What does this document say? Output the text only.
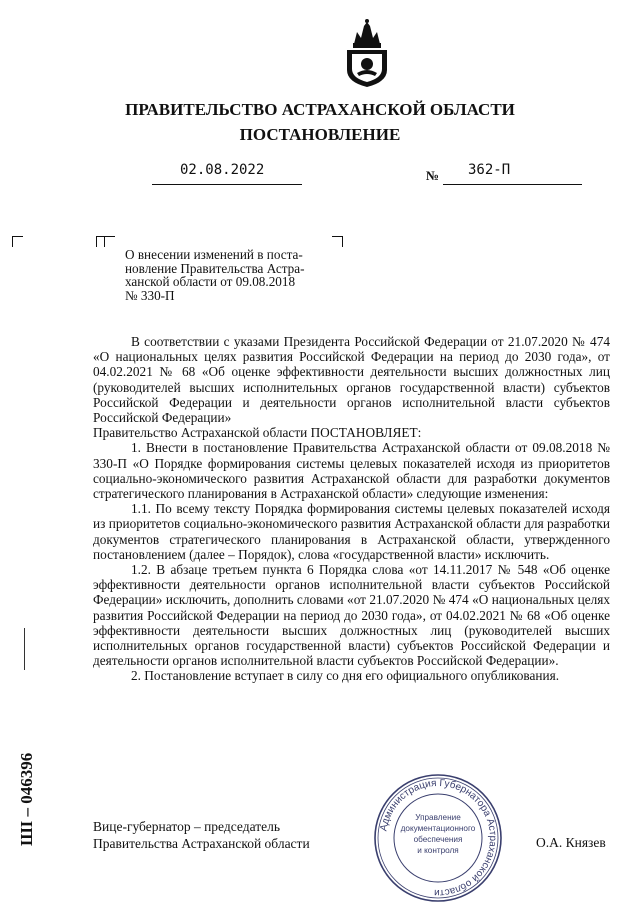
ПРАВИТЕЛЬСТВО АСТРАХАНСКОЙ ОБЛАСТИ
ПОСТАНОВЛЕНИЕ
02.08.2022	№ 362-П
О внесении изменений в поста-
новление Правительства Астра-
ханской области от 09.08.2018
№ 330-П

В соответствии с указами Президента Российской Федерации от 21.07.2020 № 474 «О национальных целях развития Российской Федерации на период до 2030 года», от 04.02.2021 № 68 «Об оценке эффективности деятельности высших должностных лиц (руководителей высших исполнительных органов государственной власти) субъектов Российской Федерации и деятельности органов исполнительной власти субъектов Российской Федерации»

Правительство Астраханской области ПОСТАНОВЛЯЕТ:

1. Внести в постановление Правительства Астраханской области от 09.08.2018 № 330-П «О Порядке формирования системы целевых показателей исходя из приоритетов социально-экономического развития Астраханской области для разработки документов стратегического планирования в Астраханской области» следующие изменения:

1.1. По всему тексту Порядка формирования системы целевых показателей исходя из приоритетов социально-экономического развития Астраханской области для разработки документов стратегического планирования в Астраханской области, утвержденного постановлением (далее – Порядок), слова «государственной власти» исключить.

1.2. В абзаце третьем пункта 6 Порядка слова «от 14.11.2017 № 548 «Об оценке эффективности деятельности органов исполнительной власти субъектов Российской Федерации» исключить, дополнить словами «от 21.07.2020 № 474 «О национальных целях развития Российской Федерации на период до 2030 года», от 04.02.2021 № 68 «Об оценке эффективности деятельности высших должностных лиц (руководителей высших исполнительных органов государственной власти) субъектов Российской Федерации и деятельности органов исполнительной власти субъектов Российской Федерации».

2. Постановление вступает в силу со дня его официального опубликования.

ШI – 046396	Вице-губернатор – председатель
Правительства Астраханской области	О.А. Князев
Администрация Губернатора Астраханской области
Управление
документационного
обеспечения
и контроля
